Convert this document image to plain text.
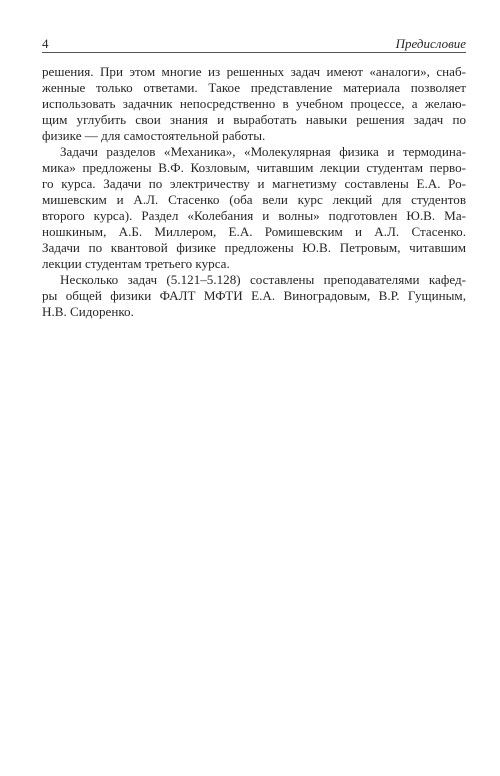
4	Предисловие
решения. При этом многие из решенных задач имеют «аналоги», снаб-
женные только ответами. Такое представление материала позволяет
использовать задачник непосредственно в учебном процессе, а желаю-
щим углубить свои знания и выработать навыки решения задач по
физике — для самостоятельной работы.
Задачи разделов «Механика», «Молекулярная физика и термодина-
мика» предложены В.Ф. Козловым, читавшим лекции студентам перво-
го курса. Задачи по электричеству и магнетизму составлены Е.А. Ро-
мишевским и А.Л. Стасенко (оба вели курс лекций для студентов
второго курса). Раздел «Колебания и волны» подготовлен Ю.В. Ма-
ношкиным, А.Б. Миллером, Е.А. Ромишевским и А.Л. Стасенко.
Задачи по квантовой физике предложены Ю.В. Петровым, читавшим
лекции студентам третьего курса.
Несколько задач (5.121–5.128) составлены преподавателями кафед-
ры общей физики ФАЛТ МФТИ Е.А. Виноградовым, В.Р. Гущиным,
Н.В. Сидоренко.
